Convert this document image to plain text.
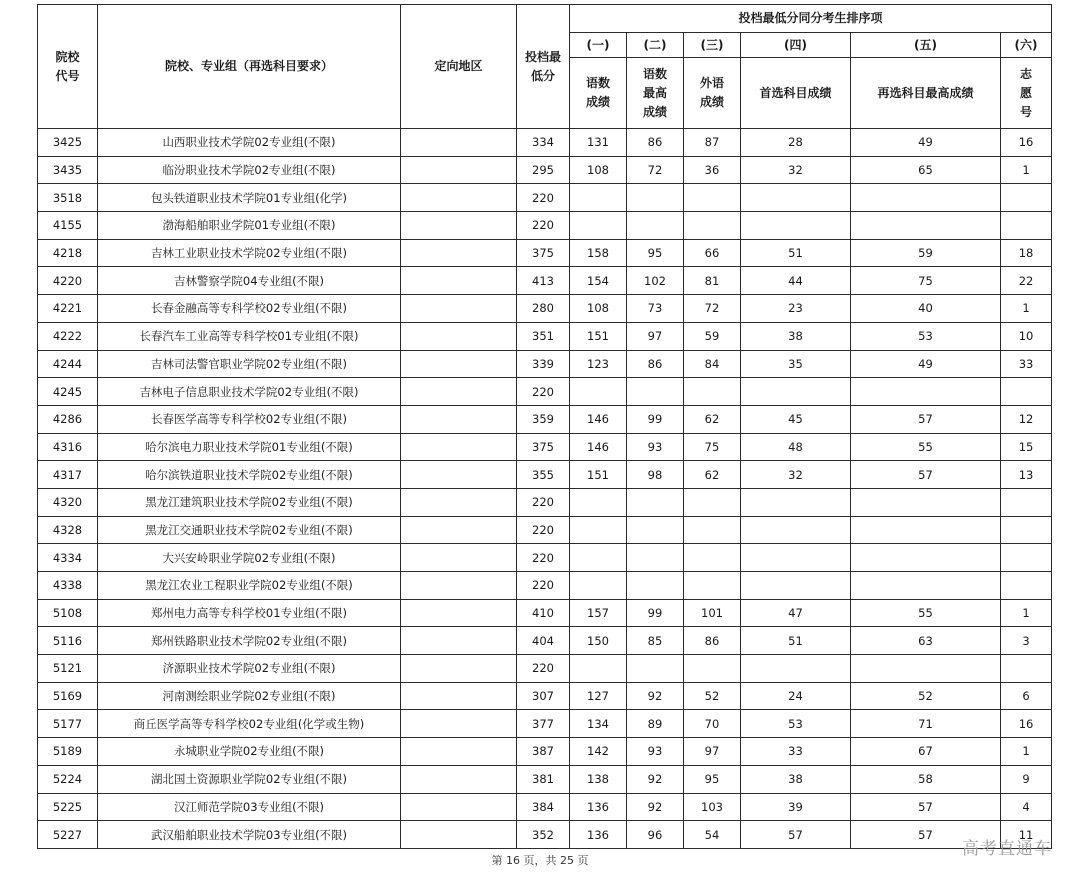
院校代号	院校、专业组（再选科目要求）	定向地区	投档最低分	投档最低分同分考生排序项					
				(一)	(二)	(三)	(四)	(五)	(六)
				语数成绩	语数最高成绩	外语成绩	首选科目成绩	再选科目最高成绩	志愿号
3425	山西职业技术学院02专业组(不限)		334	131	86	87	28	49	16
3435	临汾职业技术学院02专业组(不限)		295	108	72	36	32	65	1
3518	包头铁道职业技术学院01专业组(化学)		220						
4155	渤海船舶职业学院01专业组(不限)		220						
4218	吉林工业职业技术学院02专业组(不限)		375	158	95	66	51	59	18
4220	吉林警察学院04专业组(不限)		413	154	102	81	44	75	22
4221	长春金融高等专科学校02专业组(不限)		280	108	73	72	23	40	1
4222	长春汽车工业高等专科学校01专业组(不限)		351	151	97	59	38	53	10
4244	吉林司法警官职业学院02专业组(不限)		339	123	86	84	35	49	33
4245	吉林电子信息职业技术学院02专业组(不限)		220						
4286	长春医学高等专科学校02专业组(不限)		359	146	99	62	45	57	12
4316	哈尔滨电力职业技术学院01专业组(不限)		375	146	93	75	48	55	15
4317	哈尔滨铁道职业技术学院02专业组(不限)		355	151	98	62	32	57	13
4320	黑龙江建筑职业技术学院02专业组(不限)		220						
4328	黑龙江交通职业技术学院02专业组(不限)		220						
4334	大兴安岭职业学院02专业组(不限)		220						
4338	黑龙江农业工程职业学院02专业组(不限)		220						
5108	郑州电力高等专科学校01专业组(不限)		410	157	99	101	47	55	1
5116	郑州铁路职业技术学院02专业组(不限)		404	150	85	86	51	63	3
5121	济源职业技术学院02专业组(不限)		220						
5169	河南测绘职业学院02专业组(不限)		307	127	92	52	24	52	6
5177	商丘医学高等专科学校02专业组(化学或生物)		377	134	89	70	53	71	16
5189	永城职业学院02专业组(不限)		387	142	93	97	33	67	1
5224	湖北国土资源职业学院02专业组(不限)		381	138	92	95	38	58	9
5225	汉江师范学院03专业组(不限)		384	136	92	103	39	57	4
5227	武汉船舶职业技术学院03专业组(不限)		352	136	96	54	57	57	11
第 16 页，共 25 页
高考直通车
